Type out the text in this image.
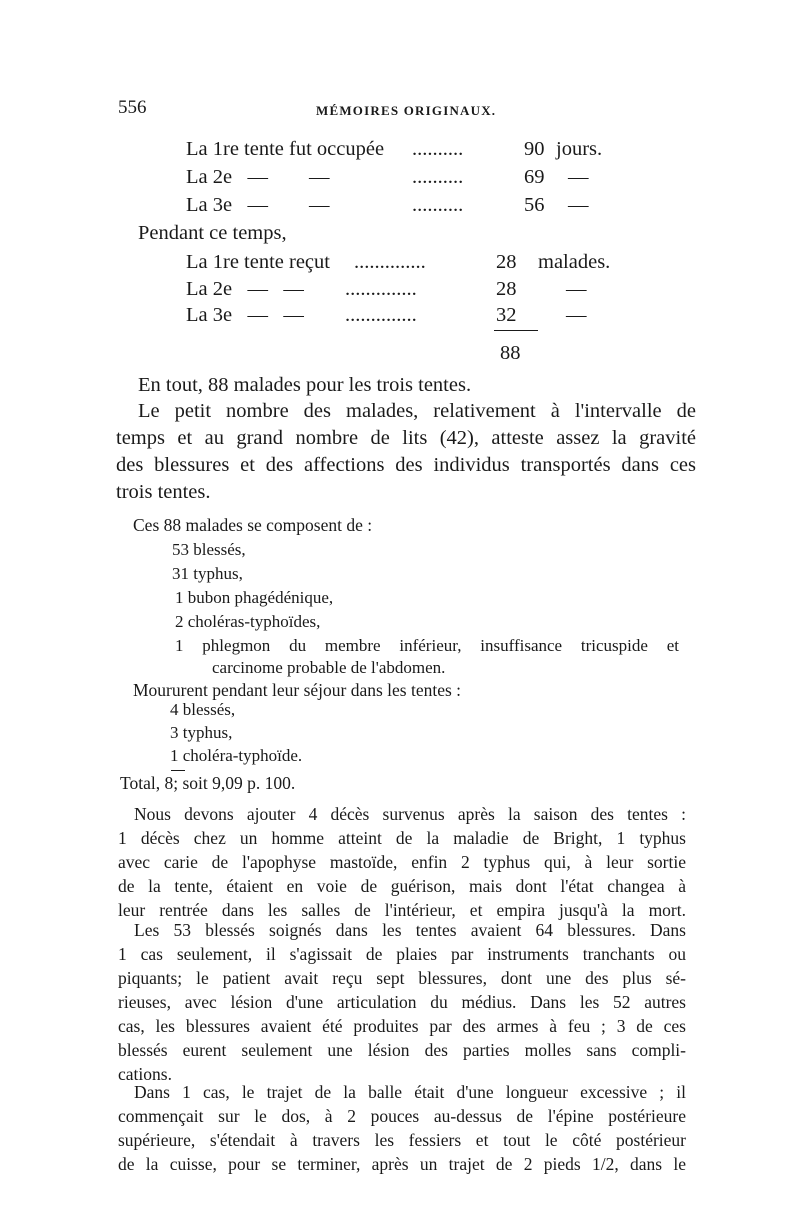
556	MÉMOIRES ORIGINAUX.
La 1re tente fut occupée ..........	90 jours.
La 2e   —        —	..........	69 —
La 3e   —        —	..........	56 —
Pendant ce temps,
La 1re tente reçut ..............	28 malades.
La 2e   —   — ..............	28 —
La 3e   —   — ..............	32 —
88
En tout, 88 malades pour les trois tentes.
Le petit nombre des malades, relativement à l'intervalle de
temps et au grand nombre de lits (42), atteste assez la gravité
des blessures et des affections des individus transportés dans ces
trois tentes.
Ces 88 malades se composent de :
53 blessés,
31 typhus,
1 bubon phagédénique,
2 choléras-typhoïdes,
1 phlegmon du membre inférieur, insuffisance tricuspide et
carcinome probable de l'abdomen.
Moururent pendant leur séjour dans les tentes :
4 blessés,
3 typhus,
1 choléra-typhoïde.
Total, 8; soit 9,09 p. 100.
Nous devons ajouter 4 décès survenus après la saison des tentes :
1 décès chez un homme atteint de la maladie de Bright, 1 typhus
avec carie de l'apophyse mastoïde, enfin 2 typhus qui, à leur sortie
de la tente, étaient en voie de guérison, mais dont l'état changea à
leur rentrée dans les salles de l'intérieur, et empira jusqu'à la mort.
Les 53 blessés soignés dans les tentes avaient 64 blessures. Dans
1 cas seulement, il s'agissait de plaies par instruments tranchants ou
piquants; le patient avait reçu sept blessures, dont une des plus sé-
rieuses, avec lésion d'une articulation du médius. Dans les 52 autres
cas, les blessures avaient été produites par des armes à feu ; 3 de ces
blessés eurent seulement une lésion des parties molles sans compli-
cations.
Dans 1 cas, le trajet de la balle était d'une longueur excessive ; il
commençait sur le dos, à 2 pouces au-dessus de l'épine postérieure
supérieure, s'étendait à travers les fessiers et tout le côté postérieur
de la cuisse, pour se terminer, après un trajet de 2 pieds 1/2, dans le
